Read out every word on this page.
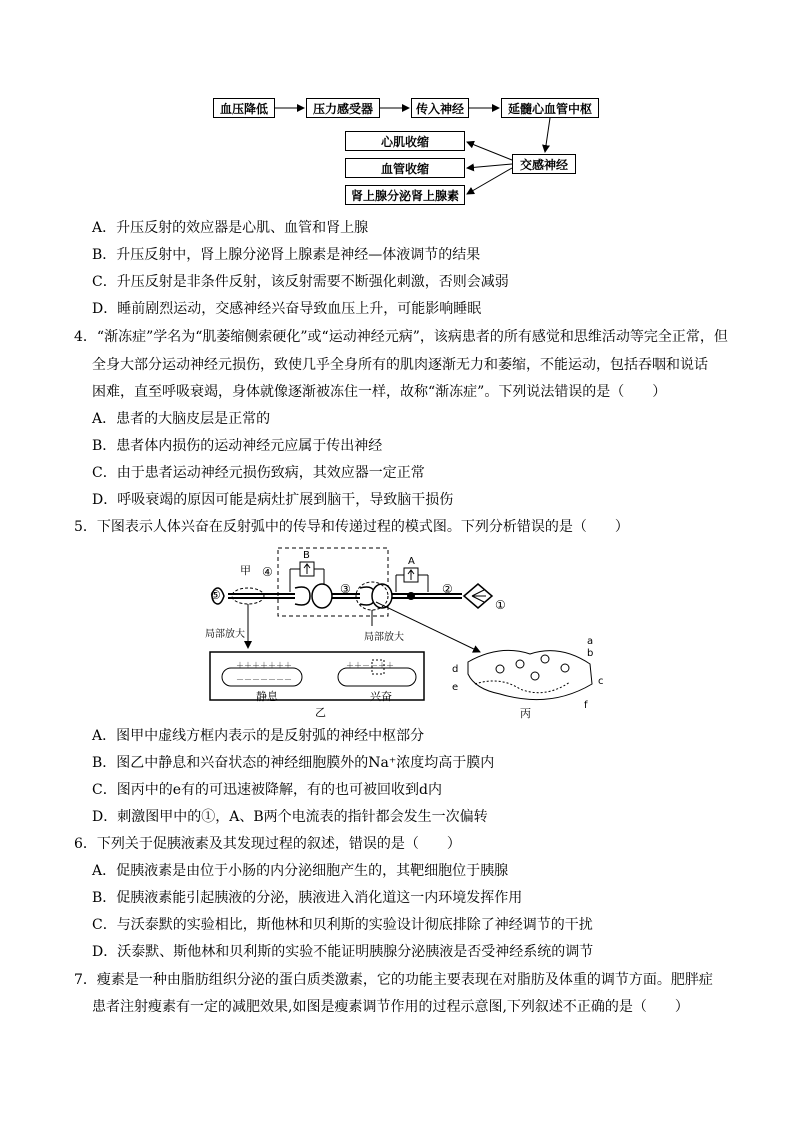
血压降低	压力感受器	传入神经	延髓心血管中枢
心肌收缩
血管收缩
肾上腺分泌肾上腺素
交感神经
A．升压反射的效应器是心肌、血管和肾上腺
B．升压反射中，肾上腺分泌肾上腺素是神经—体液调节的结果
C．升压反射是非条件反射，该反射需要不断强化刺激，否则会减弱
D．睡前剧烈运动，交感神经兴奋导致血压上升，可能影响睡眠
4．“渐冻症”学名为“肌萎缩侧索硬化”或“运动神经元病”，该病患者的所有感觉和思维活动等完全正常，但
全身大部分运动神经元损伤，致使几乎全身所有的肌肉逐渐无力和萎缩，不能运动，包括吞咽和说话
困难，直至呼吸衰竭，身体就像逐渐被冻住一样，故称“渐冻症”。下列说法错误的是（　　）
A．患者的大脑皮层是正常的
B．患者体内损伤的运动神经元应属于传出神经
C．由于患者运动神经元损伤致病，其效应器一定正常
D．呼吸衰竭的原因可能是病灶扩展到脑干，导致脑干损伤
5．下图表示人体兴奋在反射弧中的传导和传递过程的模式图。下列分析错误的是（　　）
甲 ④
⑤
B
A
③	②
①
局部放大	局部放大
＋＋＋＋＋＋＋
－－－－－－－
＋＋－－＋＋
静息	兴奋
乙	丙
a
b
c
d
e
f
A．图甲中虚线方框内表示的是反射弧的神经中枢部分
B．图乙中静息和兴奋状态的神经细胞膜外的Na⁺浓度均高于膜内
C．图丙中的e有的可迅速被降解，有的也可被回收到d内
D．刺激图甲中的①，A、B两个电流表的指针都会发生一次偏转
6．下列关于促胰液素及其发现过程的叙述，错误的是（　　）
A．促胰液素是由位于小肠的内分泌细胞产生的，其靶细胞位于胰腺
B．促胰液素能引起胰液的分泌，胰液进入消化道这一内环境发挥作用
C．与沃泰默的实验相比，斯他林和贝利斯的实验设计彻底排除了神经调节的干扰
D．沃泰默、斯他林和贝利斯的实验不能证明胰腺分泌胰液是否受神经系统的调节
7．瘦素是一种由脂肪组织分泌的蛋白质类激素，它的功能主要表现在对脂肪及体重的调节方面。肥胖症
患者注射瘦素有一定的减肥效果,如图是瘦素调节作用的过程示意图,下列叙述不正确的是（　　）
